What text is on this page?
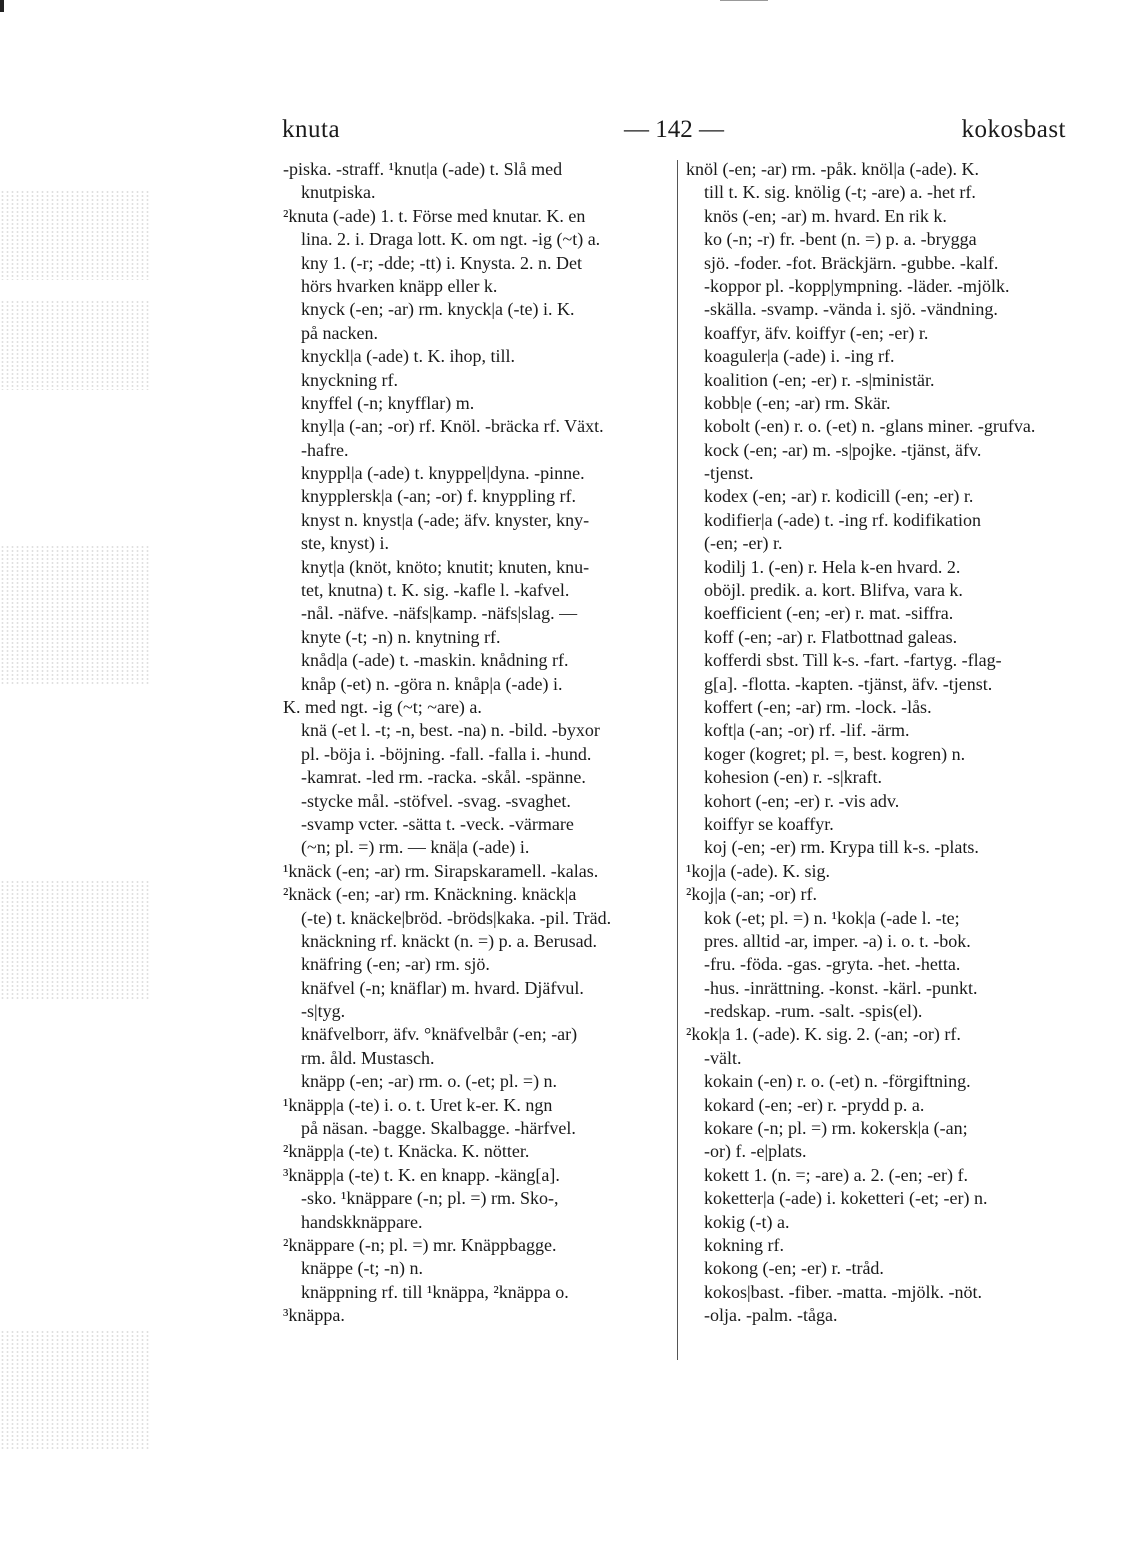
knuta	— 142 —	kokosbast
-piska. -straff. ¹knut|a (-ade) t. Slå med
knutpiska.
²knuta (-ade) 1. t. Förse med knutar. K. en
lina. 2. i. Draga lott. K. om ngt. -ig (~t) a.
kny 1. (-r; -dde; -tt) i. Knysta. 2. n. Det
hörs hvarken knäpp eller k.
knyck (-en; -ar) rm. knyck|a (-te) i. K.
på nacken.
knyckl|a (-ade) t. K. ihop, till.
knyckning rf.
knyffel (-n; knyfflar) m.
knyl|a (-an; -or) rf. Knöl. -bräcka rf. Växt.
-hafre.
knyppl|a (-ade) t. knyppel|dyna. -pinne.
knypplersk|a (-an; -or) f. knyppling rf.
knyst n. knyst|a (-ade; äfv. knyster, kny-
ste, knyst) i.
knyt|a (knöt, knöto; knutit; knuten, knu-
tet, knutna) t. K. sig. -kafle l. -kafvel.
-nål. -näfve. -näfs|kamp. -näfs|slag. —
knyte (-t; -n) n. knytning rf.
knåd|a (-ade) t. -maskin. knådning rf.
knåp (-et) n. -göra n. knåp|a (-ade) i.
K. med ngt. -ig (~t; ~are) a.
knä (-et l. -t; -n, best. -na) n. -bild. -byxor
pl. -böja i. -böjning. -fall. -falla i. -hund.
-kamrat. -led rm. -racka. -skål. -spänne.
-stycke mål. -stöfvel. -svag. -svaghet.
-svamp vcter. -sätta t. -veck. -värmare
(~n; pl. =) rm. — knä|a (-ade) i.
¹knäck (-en; -ar) rm. Sirapskaramell. -kalas.
²knäck (-en; -ar) rm. Knäckning. knäck|a
(-te) t. knäcke|bröd. -bröds|kaka. -pil. Träd.
knäckning rf. knäckt (n. =) p. a. Berusad.
knäfring (-en; -ar) rm. sjö.
knäfvel (-n; knäflar) m. hvard. Djäfvul.
-s|tyg.
knäfvelborr, äfv. °knäfvelbår (-en; -ar)
rm. åld. Mustasch.
knäpp (-en; -ar) rm. o. (-et; pl. =) n.
¹knäpp|a (-te) i. o. t. Uret k-er. K. ngn
på näsan. -bagge. Skalbagge. -härfvel.
²knäpp|a (-te) t. Knäcka. K. nötter.
³knäpp|a (-te) t. K. en knapp. -käng[a].
-sko. ¹knäppare (-n; pl. =) rm. Sko-,
handskknäppare.
²knäppare (-n; pl. =) mr. Knäppbagge.
knäppe (-t; -n) n.
knäppning rf. till ¹knäppa, ²knäppa o.
³knäppa.
knöl (-en; -ar) rm. -påk. knöl|a (-ade). K.
till t. K. sig. knölig (-t; -are) a. -het rf.
knös (-en; -ar) m. hvard. En rik k.
ko (-n; -r) fr. -bent (n. =) p. a. -brygga
sjö. -foder. -fot. Bräckjärn. -gubbe. -kalf.
-koppor pl. -kopp|ympning. -läder. -mjölk.
-skälla. -svamp. -vända i. sjö. -vändning.
koaffyr, äfv. koiffyr (-en; -er) r.
koaguler|a (-ade) i. -ing rf.
koalition (-en; -er) r. -s|ministär.
kobb|e (-en; -ar) rm. Skär.
kobolt (-en) r. o. (-et) n. -glans miner. -grufva.
kock (-en; -ar) m. -s|pojke. -tjänst, äfv.
-tjenst.
kodex (-en; -ar) r. kodicill (-en; -er) r.
kodifier|a (-ade) t. -ing rf. kodifikation
(-en; -er) r.
kodilj 1. (-en) r. Hela k-en hvard. 2.
oböjl. predik. a. kort. Blifva, vara k.
koefficient (-en; -er) r. mat. -siffra.
koff (-en; -ar) r. Flatbottnad galeas.
kofferdi sbst. Till k-s. -fart. -fartyg. -flag-
g[a]. -flotta. -kapten. -tjänst, äfv. -tjenst.
koffert (-en; -ar) rm. -lock. -lås.
koft|a (-an; -or) rf. -lif. -ärm.
koger (kogret; pl. =, best. kogren) n.
kohesion (-en) r. -s|kraft.
kohort (-en; -er) r. -vis adv.
koiffyr se koaffyr.
koj (-en; -er) rm. Krypa till k-s. -plats.
¹koj|a (-ade). K. sig.
²koj|a (-an; -or) rf.
kok (-et; pl. =) n. ¹kok|a (-ade l. -te;
pres. alltid -ar, imper. -a) i. o. t. -bok.
-fru. -föda. -gas. -gryta. -het. -hetta.
-hus. -inrättning. -konst. -kärl. -punkt.
-redskap. -rum. -salt. -spis(el).
²kok|a 1. (-ade). K. sig. 2. (-an; -or) rf.
-vält.
kokain (-en) r. o. (-et) n. -förgiftning.
kokard (-en; -er) r. -prydd p. a.
kokare (-n; pl. =) rm. kokersk|a (-an;
-or) f. -e|plats.
kokett 1. (n. =; -are) a. 2. (-en; -er) f.
koketter|a (-ade) i. koketteri (-et; -er) n.
kokig (-t) a.
kokning rf.
kokong (-en; -er) r. -tråd.
kokos|bast. -fiber. -matta. -mjölk. -nöt.
-olja. -palm. -tåga.
